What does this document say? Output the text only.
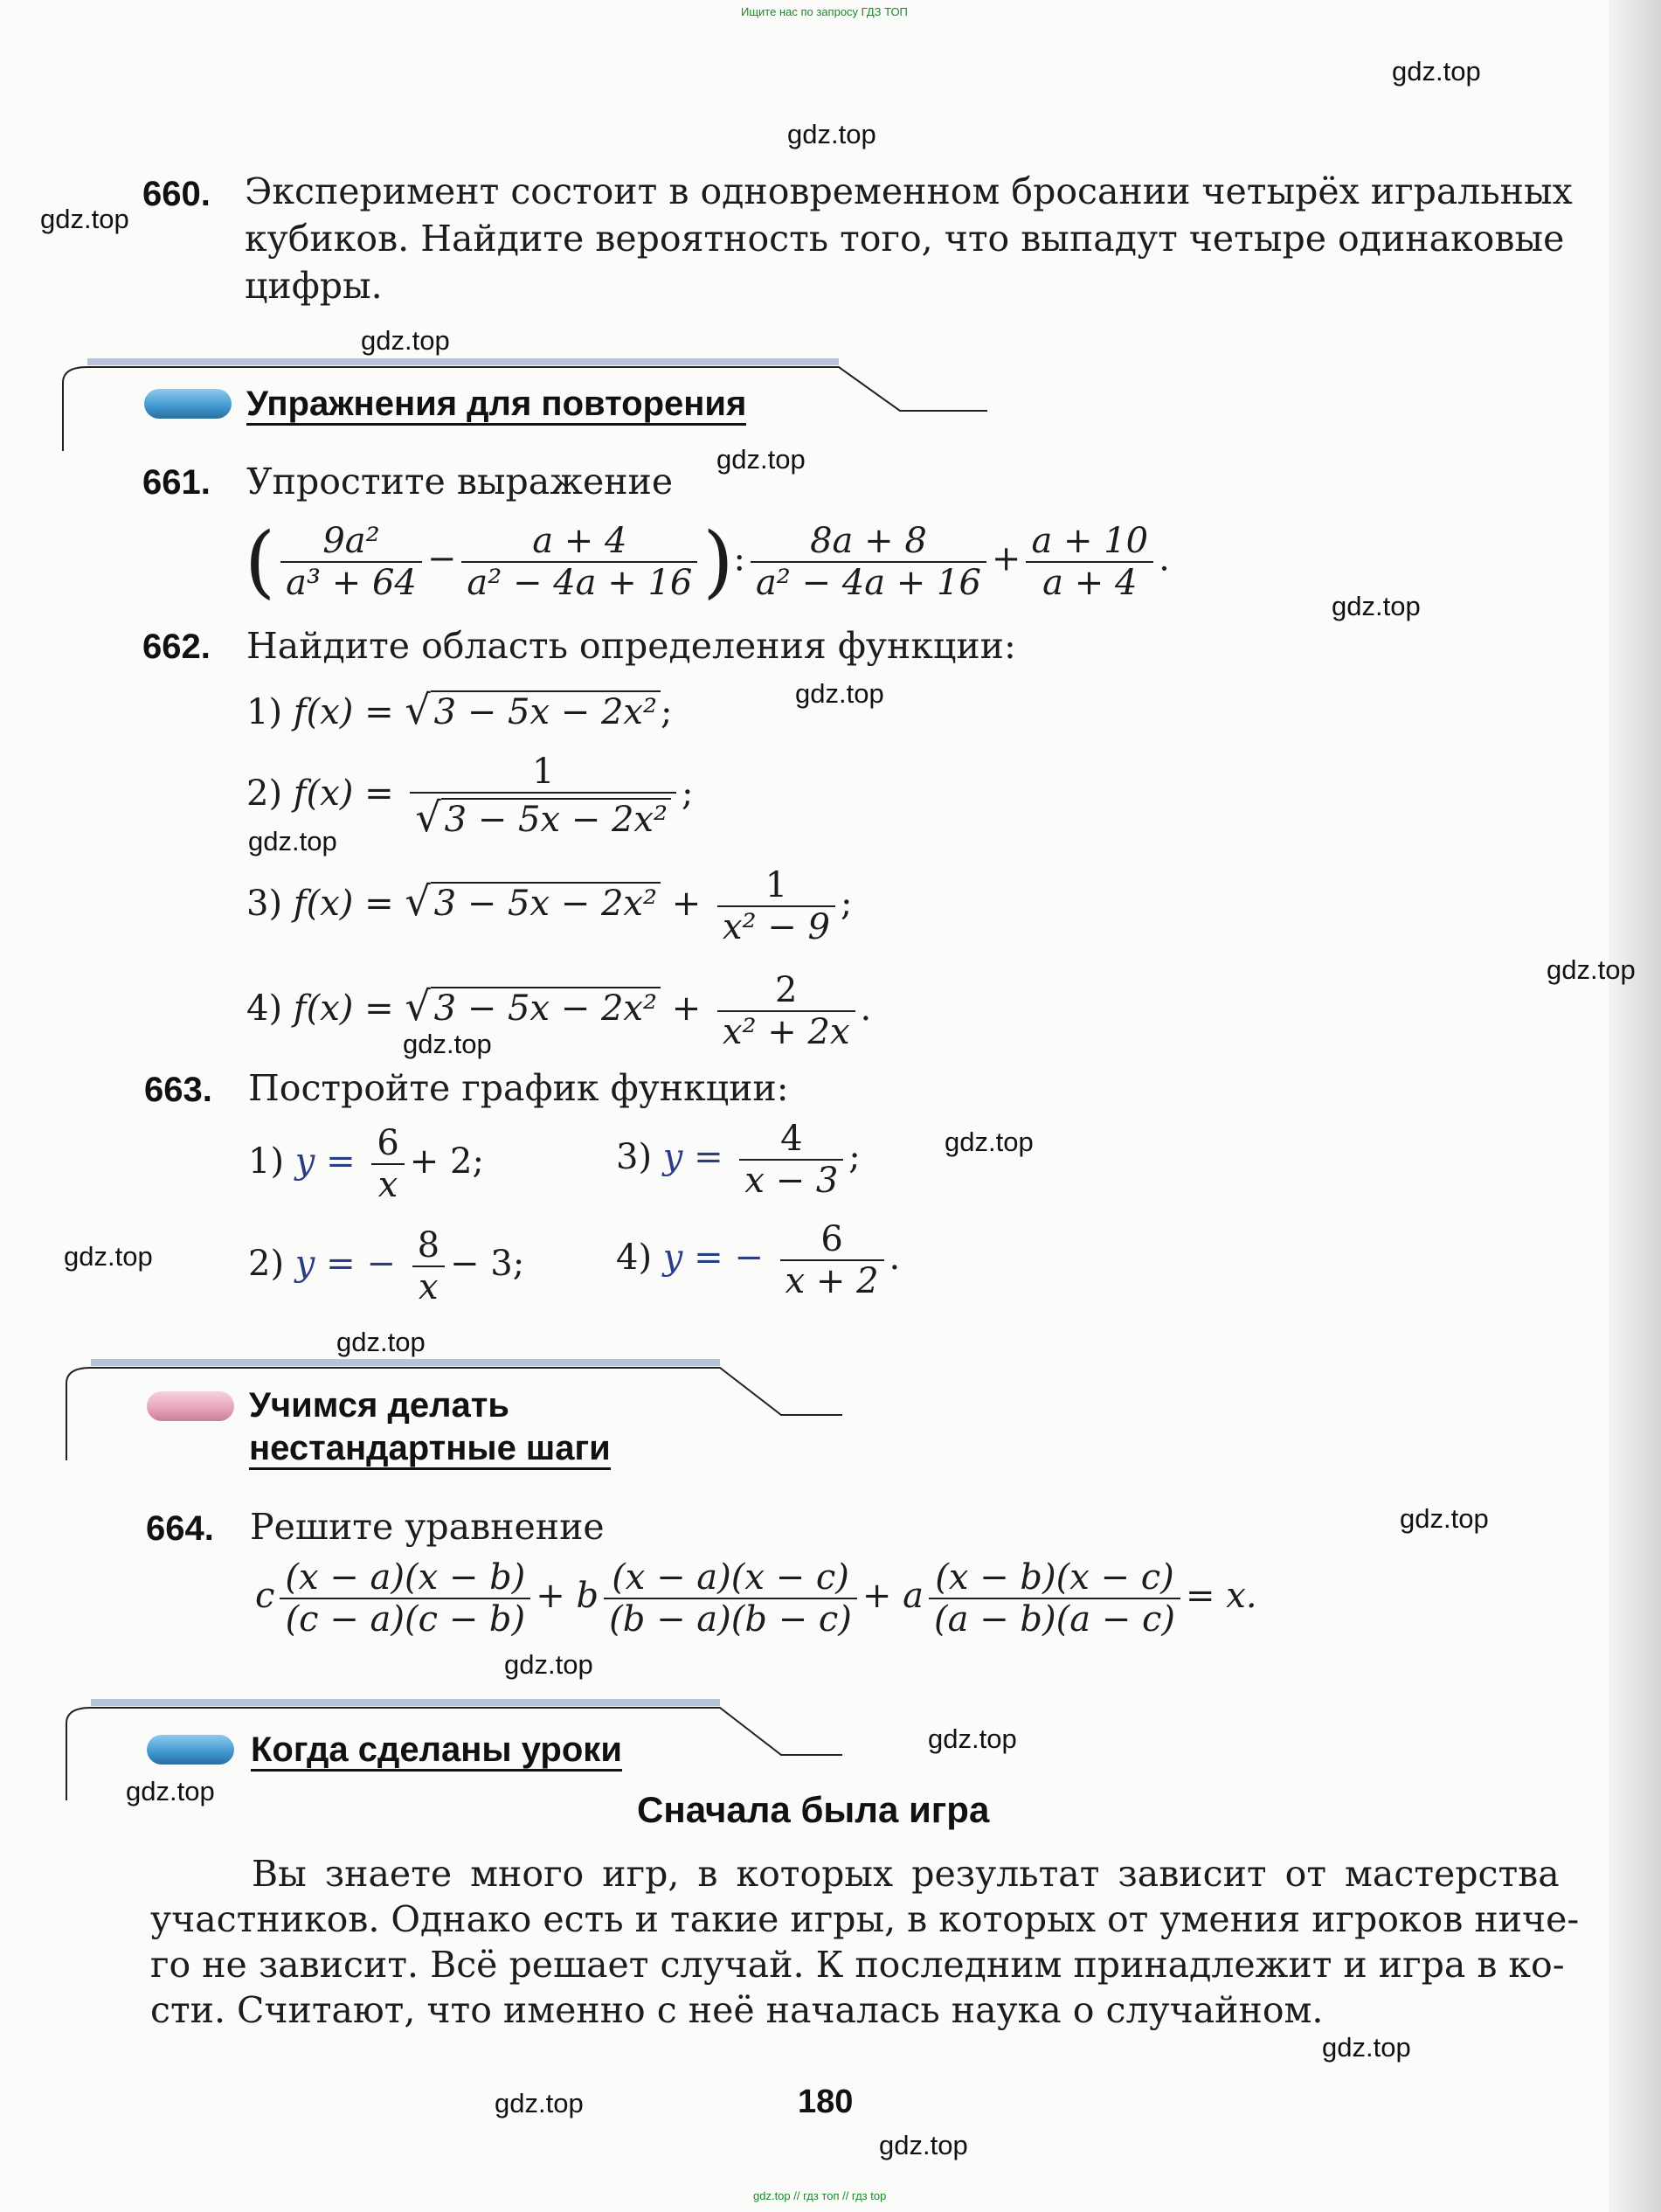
Ищите нас по запросу ГДЗ ТОП
gdz.top // гдз топ // гдз top
gdz.top
gdz.top
gdz.top
gdz.top
gdz.top
gdz.top
gdz.top
gdz.top
gdz.top
gdz.top
gdz.top
gdz.top
gdz.top
gdz.top
gdz.top
gdz.top
gdz.top
gdz.top
gdz.top
gdz.top
660. Эксперимент состоит в одновременном бросании четырёх игральных
кубиков. Найдите вероятность того, что выпадут четыре одинаковые
цифры.
Упражнения для повторения
661. Упростите выражение
( $\frac{\text{9a²}}{\text{a³ + 64}} - \frac{a + 4}{\text{a² − 4a + 16}}$ ): $\frac{8a + 8}{\text{a² − 4a + 16}} + \frac{a + 10}{a + 4}$ .
662. Найдите область определения функции:
1) f(x) = √ 3 − 5x − 2x² ;
2) $f(x) = \frac{1}{\text{√ 3 − 5x − 2x²}}$ ;
3) f(x) = √ $3 - 5x - 2x^2 + \frac{1}{\text{x² − 9}}$ ;
4) f(x) = √ $3 - 5x - 2x^2 + \frac{2}{\text{x² + 2x}}$ .
663. Постройте график функции:
1) $y = \frac{6}{x} + 2$;	3) $y = \frac{4}{x - 3}$ ;
2) y = − $\frac{8}{x} - 3$;	4) y = − $\frac{6}{x + 2}$ .
Учимся делать
нестандартные шаги
664. Решите уравнение
c $\frac{(x - a)(x - b)}{(c - a)(c - b)} + b \frac{(x - a)(x - c)}{(b - a)(b - c)} + a \frac{(x - b)(x - c)}{(a - b)(a - c)} = x$.
Когда сделаны уроки
Сначала была игра
Вы знаете много игр, в которых результат зависит от мастерства
участников. Однако есть и такие игры, в которых от умения игроков ниче-
го не зависит. Всё решает случай. К последним принадлежит и игра в ко-
сти. Считают, что именно с неё началась наука о случайном.
180
